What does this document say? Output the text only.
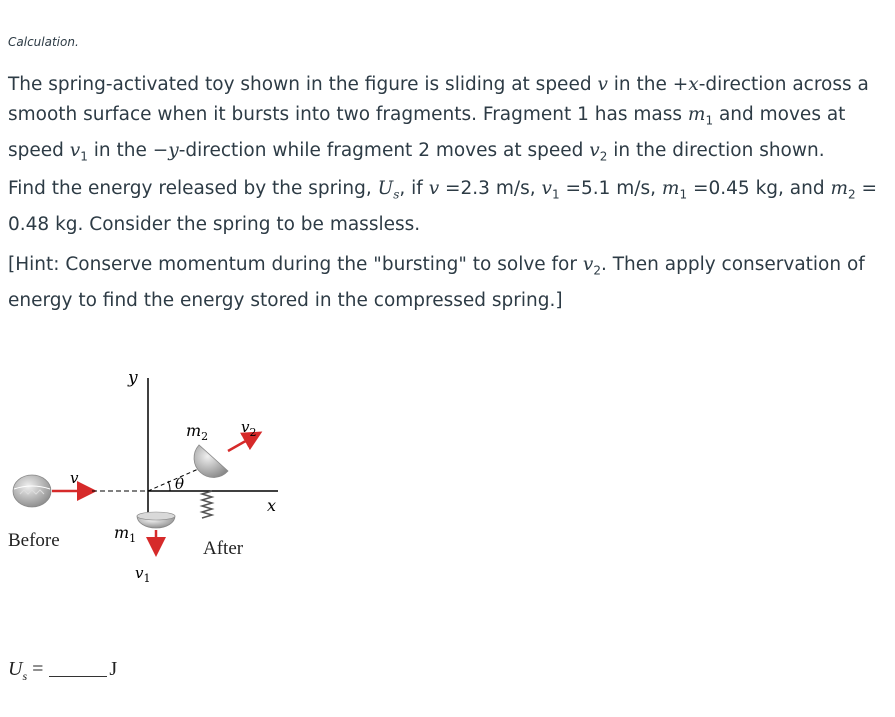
Calculation.
The spring-activated toy shown in the figure is sliding at speed v in the +x-direction across a smooth surface when it bursts into two fragments. Fragment 1 has mass $m_1$ and moves at speed $v_1$ in the −y-direction while fragment 2 moves at speed $v_2$ in the direction shown.
Find the energy released by the spring, $U_s$, if v =2.3 m/s, $v_1 =5.1$ m/s, $m_1 =0.45$ kg, and $m_2$ =
0.48 kg. Consider the spring to be massless.
[Hint: Conserve momentum during the "bursting" to solve for $v_2$. Then apply conservation of energy to find the energy stored in the compressed spring.]
v
Before
y
x
θ
$m_2$
$v_2$
$m_1$
$v_1$
After
$U_s$ =	J
